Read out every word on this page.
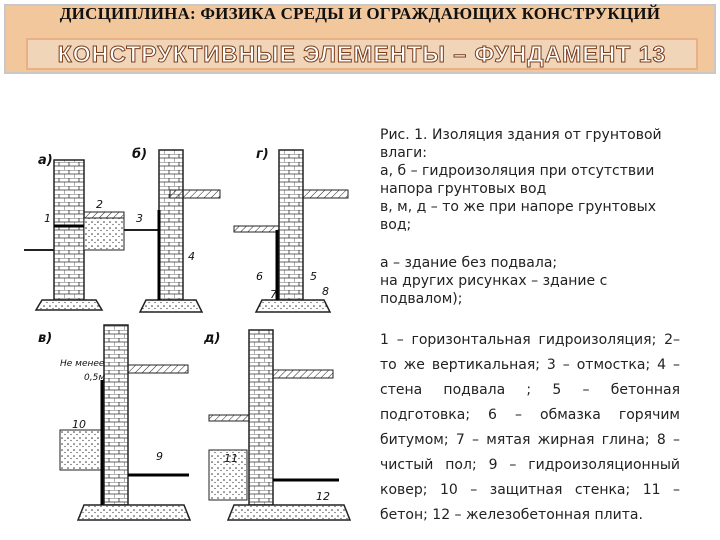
ДИСЦИПЛИНА: ФИЗИКА СРЕДЫ И ОГРАЖДАЮЩИХ КОНСТРУКЦИЙ
КОНСТРУКТИВНЫЕ ЭЛЕМЕНТЫ – ФУНДАМЕНТ 13
а)	б)
в)
г)
д)
1
2
3
4
5
6
7	8
9
10
11
12
Не менее
0,5м

Рис. 1. Изоляция здания от грунтовой влаги:

а, б – гидроизоляция при отсутствии напора грунтовых вод

в, м, д – то же при напоре грунтовых вод;

а – здание без подвала;

на других рисунках – здание с подвалом);

1 – горизонтальная гидроизоляция; 2– то же вертикальная; 3 – отмостка; 4 – стена подвала ; 5 – бетонная подготовка; 6 – обмазка горячим битумом; 7 – мятая жирная глина; 8 – чистый пол; 9 – гидроизоляционный ковер; 10 – защитная стенка; 11 – бетон; 12 – железобетонная плита.
